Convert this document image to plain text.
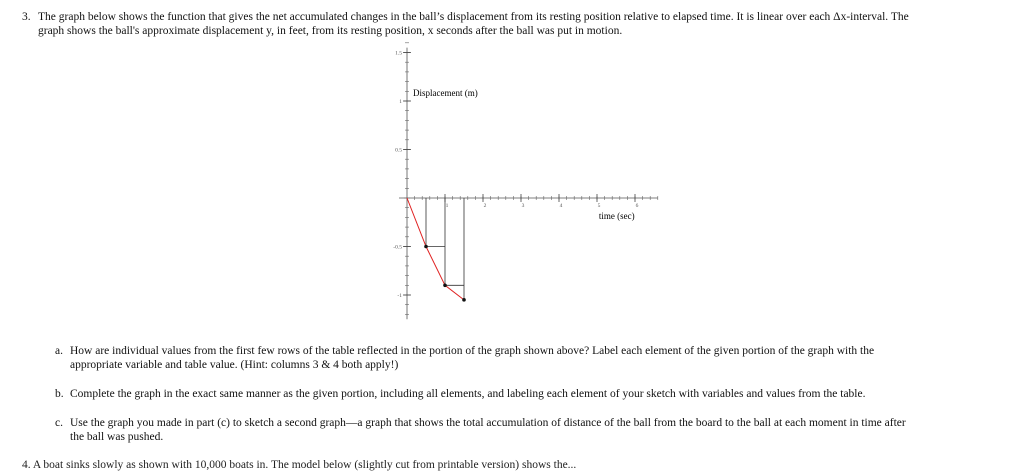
3. The graph below shows the function that gives the net accumulated changes in the ball’s displacement from its resting position relative to elapsed time. It is linear over each Δx-interval. The
graph shows the ball's approximate displacement y, in feet, from its resting position, x seconds after the ball was put in motion.
1.5
1
0.5
-0.5
-1
1	2	3	4	5	6
Displacement (m)
time (sec)
a. How are individual values from the first few rows of the table reflected in the portion of the graph shown above? Label each element of the given portion of the graph with the
appropriate variable and table value. (Hint: columns 3 & 4 both apply!)
b. Complete the graph in the exact same manner as the given portion, including all elements, and labeling each element of your sketch with variables and values from the table.
c. Use the graph you made in part (c) to sketch a second graph—a graph that shows the total accumulation of distance of the ball from the board to the ball at each moment in time after
the ball was pushed.
4. A boat sinks slowly as shown with 10,000 boats in. The model below (slightly cut from printable version) shows the...
